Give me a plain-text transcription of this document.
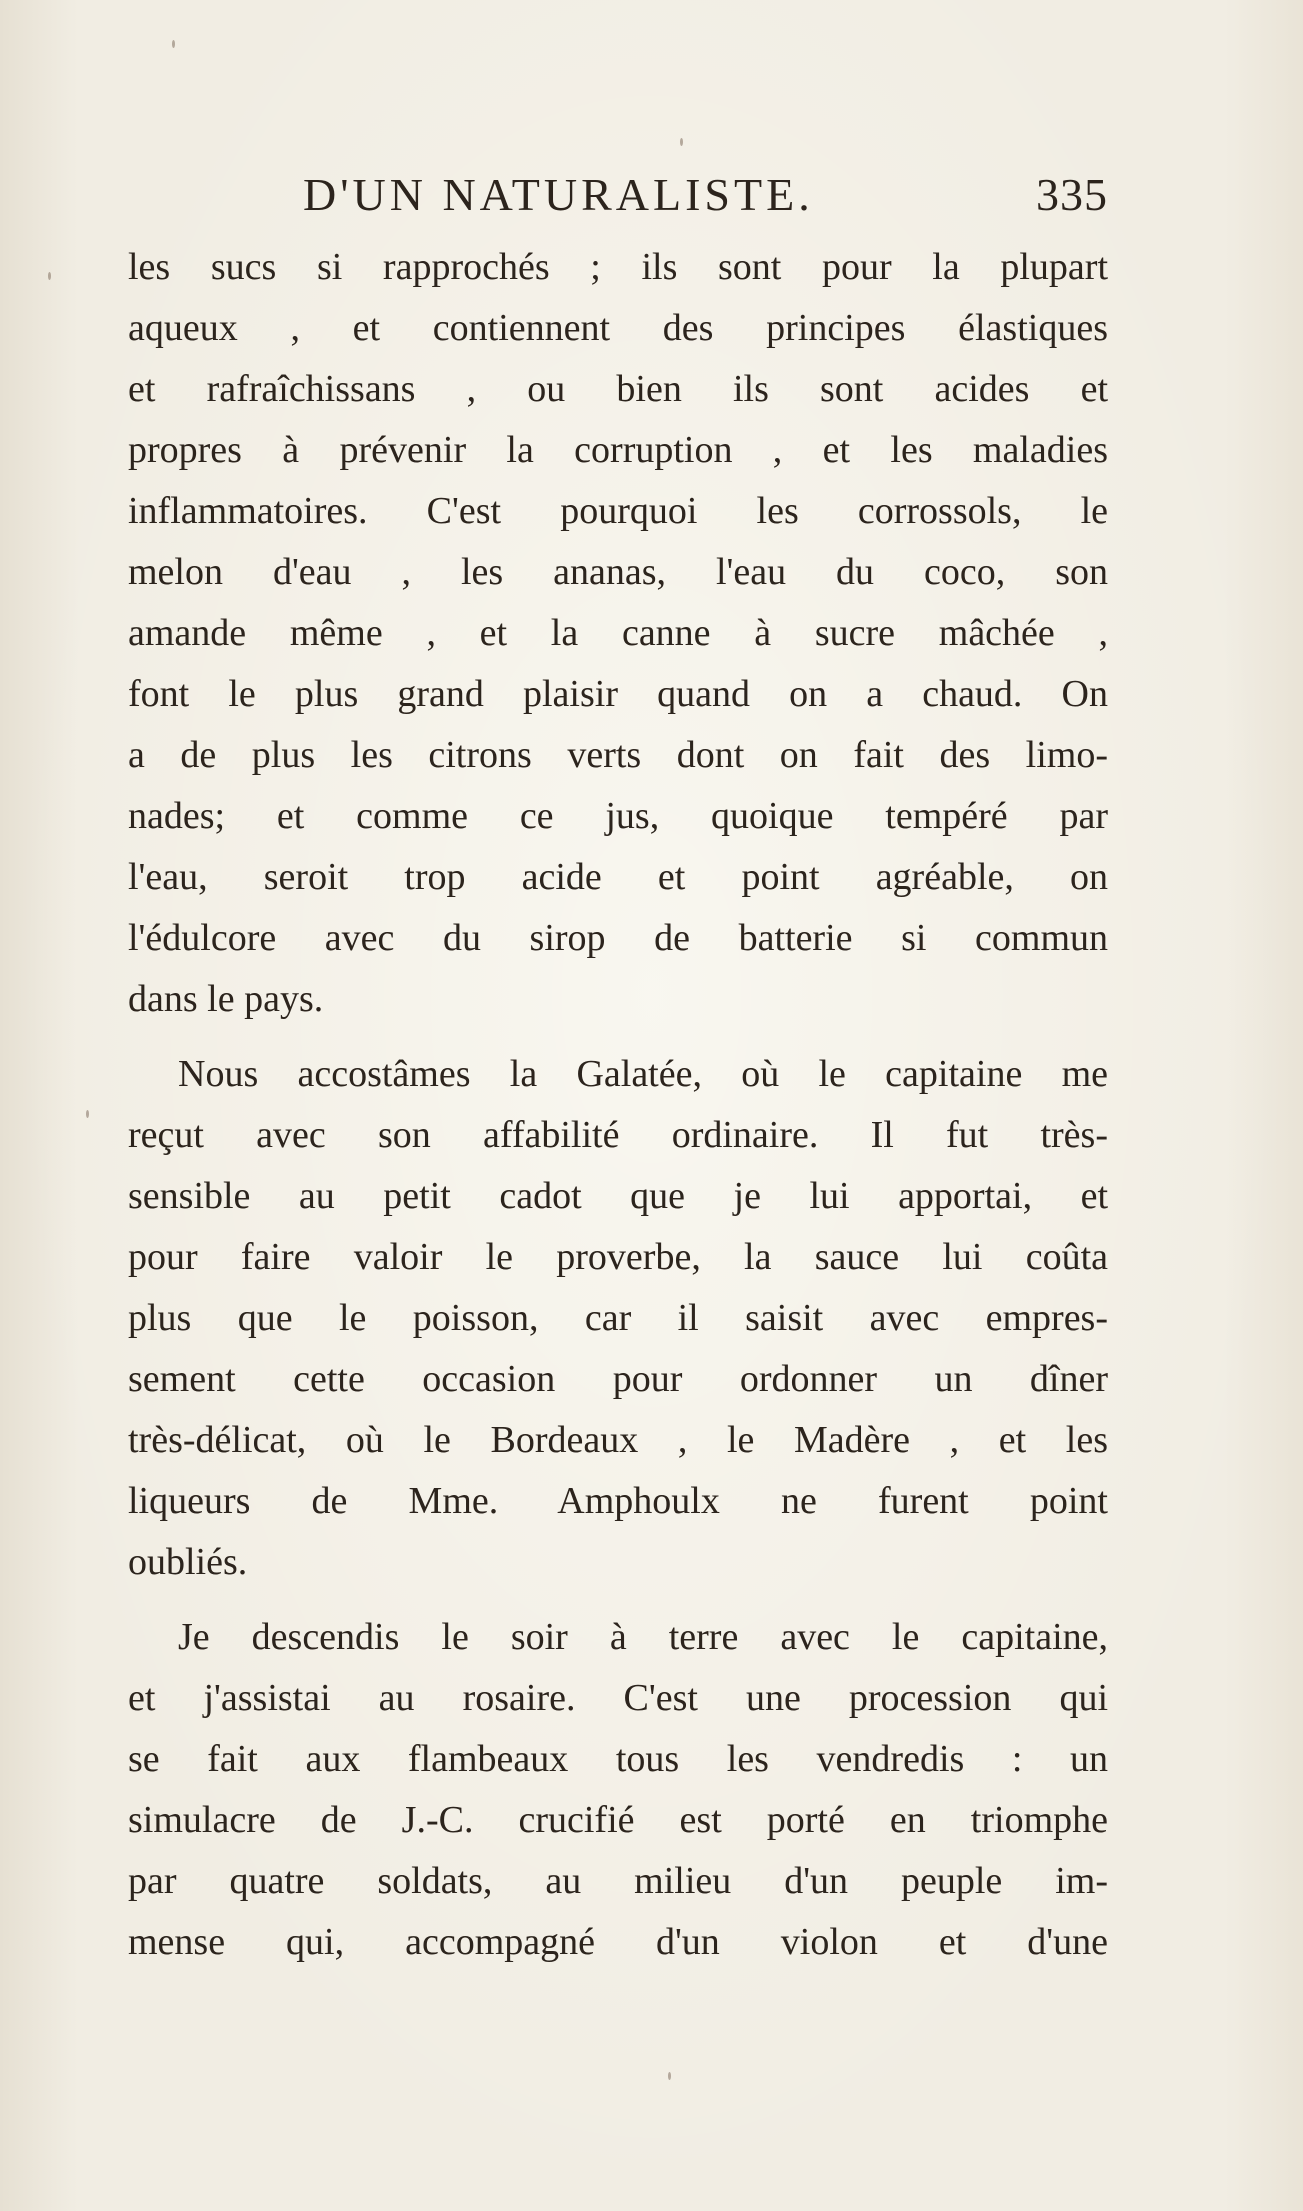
D'UN NATURALISTE.	335
les sucs si rapprochés ; ils sont pour la plupart
aqueux , et contiennent des principes élastiques
et rafraîchissans , ou bien ils sont acides et
propres à prévenir la corruption , et les maladies
inflammatoires. C'est pourquoi les corrossols, le
melon d'eau , les ananas, l'eau du coco, son
amande même , et la canne à sucre mâchée ,
font le plus grand plaisir quand on a chaud. On
a de plus les citrons verts dont on fait des limo-
nades; et comme ce jus, quoique tempéré par
l'eau, seroit trop acide et point agréable, on
l'édulcore avec du sirop de batterie si commun
dans le pays.
Nous accostâmes la Galatée, où le capitaine me
reçut avec son affabilité ordinaire. Il fut très-
sensible au petit cadot que je lui apportai, et
pour faire valoir le proverbe, la sauce lui coûta
plus que le poisson, car il saisit avec empres-
sement cette occasion pour ordonner un dîner
très-délicat, où le Bordeaux , le Madère , et les
liqueurs de Mme. Amphoulx ne furent point
oubliés.
Je descendis le soir à terre avec le capitaine,
et j'assistai au rosaire. C'est une procession qui
se fait aux flambeaux tous les vendredis : un
simulacre de J.-C. crucifié est porté en triomphe
par quatre soldats, au milieu d'un peuple im-
mense qui, accompagné d'un violon et d'une
